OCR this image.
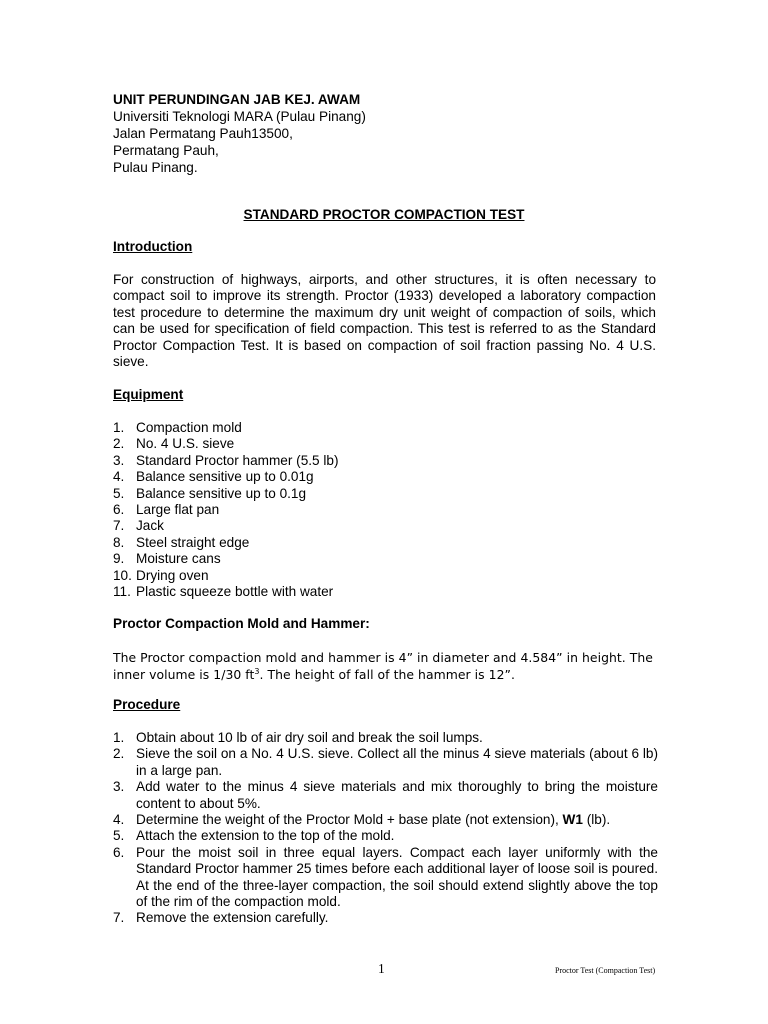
UNIT PERUNDINGAN JAB KEJ. AWAM
Universiti Teknologi MARA (Pulau Pinang)
Jalan Permatang Pauh13500,
Permatang Pauh,
Pulau Pinang.
STANDARD PROCTOR COMPACTION TEST
Introduction
For construction of highways, airports, and other structures, it is often necessary to compact soil to improve its strength. Proctor (1933) developed a laboratory compaction test procedure to determine the maximum dry unit weight of compaction of soils, which can be used for specification of field compaction. This test is referred to as the Standard Proctor Compaction Test. It is based on compaction of soil fraction passing No. 4 U.S. sieve.
Equipment
1. Compaction mold
2. No. 4 U.S. sieve
3. Standard Proctor hammer (5.5 lb)
4. Balance sensitive up to 0.01g
5. Balance sensitive up to 0.1g
6. Large flat pan
7. Jack
8. Steel straight edge
9. Moisture cans
10. Drying oven
11. Plastic squeeze bottle with water
Proctor Compaction Mold and Hammer:
The Proctor compaction mold and hammer is 4” in diameter and 4.584” in height. The
inner volume is 1/30 $ft^3$. The height of fall of the hammer is 12”.
Procedure
1. Obtain about 10 lb of air dry soil and break the soil lumps.
2. Sieve the soil on a No. 4 U.S. sieve. Collect all the minus 4 sieve materials (about 6 lb) in a large pan.
3. Add water to the minus 4 sieve materials and mix thoroughly to bring the moisture content to about 5%.
4. Determine the weight of the Proctor Mold + base plate (not extension), W1 (lb).
5. Attach the extension to the top of the mold.
6. Pour the moist soil in three equal layers. Compact each layer uniformly with the Standard Proctor hammer 25 times before each additional layer of loose soil is poured. At the end of the three-layer compaction, the soil should extend slightly above the top of the rim of the compaction mold.
7. Remove the extension carefully.
1	Proctor Test (Compaction Test)
